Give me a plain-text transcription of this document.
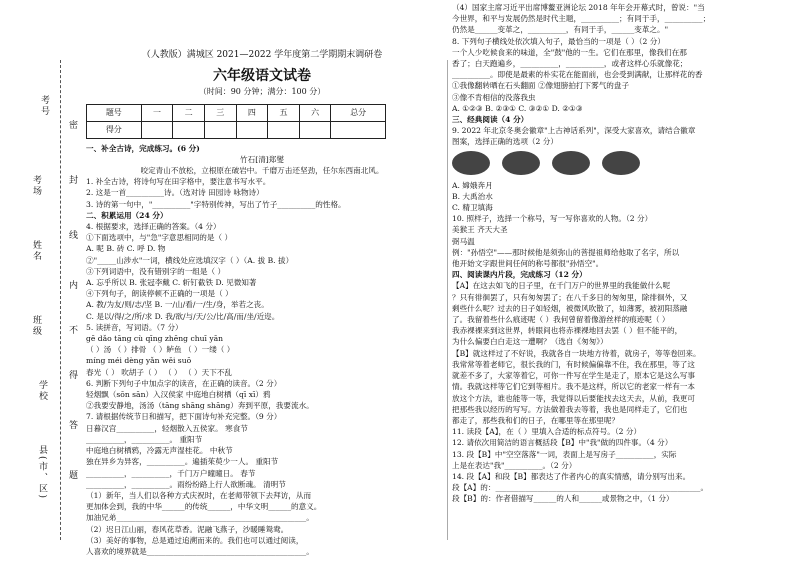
考号
考场
姓名
班级
学校
县(市、区)
密
封
线
内
不
得
答
题
（人教版）满城区 2021—2022 学年度第二学期期末调研卷
六年级语文试卷
（时间：90 分钟；满分：100 分）
题号	一	二	三	四	五	六	总分
得分							

一、补全古诗，完成练习。(6 分)

竹石[清]郑燮

咬定青山不放松，立根原在破岩中。千磨万击还坚劲，任尔东西南北风。

1. 补全古诗，将诗句写在田字格中，要注意书写水平。

2. 这是一首__________诗。（选对诗 田园诗 咏物诗）

3. 诗的第一句中，"__________"字特别传神，写出了竹子__________的性格。

二、积累运用（24 分）

4. 根据要求，选择正确的答案。（4 分）

①下面选项中，与"急"字意思相同的是（ ）

A. 呢 B. 砖 C. 呼 D. 物

②"_____山涉水"一词，横线处应选填汉字（ ）（A. 拔 B. 拔）

③下列词语中，没有错别字的一组是（ ）

A. 忘乎所以 B. 张冠李戴 C. 斩钉截铁 D. 见微知著

④下列句子，朗读停顿不正确的一项是（ ）

A. 教/为友/则/志/坚 B. 一/山/看/一/生/身，举若之丧。

C. 是以/得/之/所/求 D. 我/欲/与/天/公/比/高/而/坐/近迩。

5. 读拼音，写词语。（7 分）

gē dǎo tāng cù qīng zhēng chuī yān

（ ）汤 （ ）排骨 （ ）鲈鱼 （ ）一缕（ ）

míng méi dèng yǎn wěi suō

春光（ ） 吹胡子（ ） （ ） （ ）天下不乱

6. 判断下列句子中加点字的读音，在正确的读音。（2 分）

轻烟飘（sōn sān）入汉侯家 中庭地白树栖（qī xī）鸦

②我要安静地，汤汤（tāng shāng shāng）奔到平原，我要流水。

7. 请根据传统节日和描写，把下面诗句补充完整。（9 分）

日暮汉宫__________，轻烟散入五侯家。 寒食节

__________，__________。 重阳节

中庭地白树栖鸦，冷露无声湿桂花。 中秋节

独在异乡为异客，__________。遍插茱萸少一人。 重阳节

__________，__________，千门万户曈曈日。 春节

__________，__________。雨纷纷路上行人欲断魂。 清明节

（1）新年，当人们以各种方式庆祝时，在老师带领下去拜访，从而

更加体会到，我的中华______的传统______，中华文明______的意义。

加油兄弟__________________________________________________。

（2）迟日江山丽，春风花草香。泥融飞燕子，沙暖睡鸳鸯。

（3）美好的事物，总是通过追溯而来的。我们也可以通过阅读，

人喜欢的境界就是__________________________________________。

（4）国家主席习近平出席博鳌亚洲论坛 2018 年年会开幕式时，曾说："当

今世界，和平与发展仍然是时代主题，__________；有同于手，__________；

仍然是______变革之，__________，有同于手，______变革之。"

8. 下列句子横线处依次填入句子，最恰当的一项是（ ）（2 分）

一个人少吃候食来的味道，全"鼓"他的一生。它们在那里，像我们在那

香了；白天跑遍乡，__________，__________，或者这样心乐就像花；

__________。即使是最素的朴实花在能面前，也会受到满献，让那样花的香

①我像翻转晒在石头翻面 ②像翅膀拍打下雾气的盘子

③像不肯相信的没落我虫

A. ①②③ B. ②③① C. ③②① D. ②①③

三、经典阅读（4 分）

9. 2022 年北京冬奥会徽章"上古神话系列"，深受大家喜欢，请结合徽章

图案，选择正确的选项（2 分）

A. 嫦娥奔月

B. 大禹治水

C. 精卫填海

10. 照样子，选择一个称号，写一写你喜欢的人物。（2 分）

美猴王 齐天大圣

弼马温

例："孙悟空"——那时候他是须弥山的菩提祖师给他取了名字，所以

他开始文字跟世间任何的称号都很"孙悟空"。

四、阅读课内片段，完成练习（12 分）

【A】在这去如飞的日子里，在千门万户的世界里的我能做什么呢

？只有徘徊罢了，只有匆匆罢了；在八千多日的匆匆里，除徘徊外，又

剩些什么呢？过去的日子如轻烟，被微风吹散了，如薄雾，被初阳蒸融

了。我留着些什么痕迹呢（ ）我何曾留着像游丝样的痕迹呢（ ）

我赤裸裸来到这世界，转眼间也将赤裸裸地回去罢（ ）但不能平的，

为什么偏要白白走这一遭啊？（选自《匆匆》）

【B】就这样过了不好说，我就各自一块地方待着，就房子，等等卷回来。

我常常等着老师它，很长我的门，有时候偏偏靠不住，我在那里，等了这

就差不多了，大家等着它，可你一件写在学生是走了，原本它是这么写事

情。我就这样等它们它到等相片。我不是这样，所以它的老家一样有一本

放这个方法，谁也能等一等，我觉得以后要能找去这天去，从前，我更可

把那些我以经历的写写。方法做着我去等着，我也是同样走了，它们也

都走了，那些我和们的日子，在哪里等在那里呢？

11. 读段【A】，在（ ）里填入合适的标点符号。（2 分）

12. 请依次用简洁的语言概括段【B】中"我"做的四件事。（4 分）

13. 段【B】中"空空落落"一词，表面上是写房子__________，实际

上是在表达"我"__________。（2 分）

14. 段【A】和段【B】都表达了作者内心的真实情感，请分别写出来。

段【A】的：______________________________________________________。

段【B】的：作者借描写______的人和______或景物之中，（1 分）
